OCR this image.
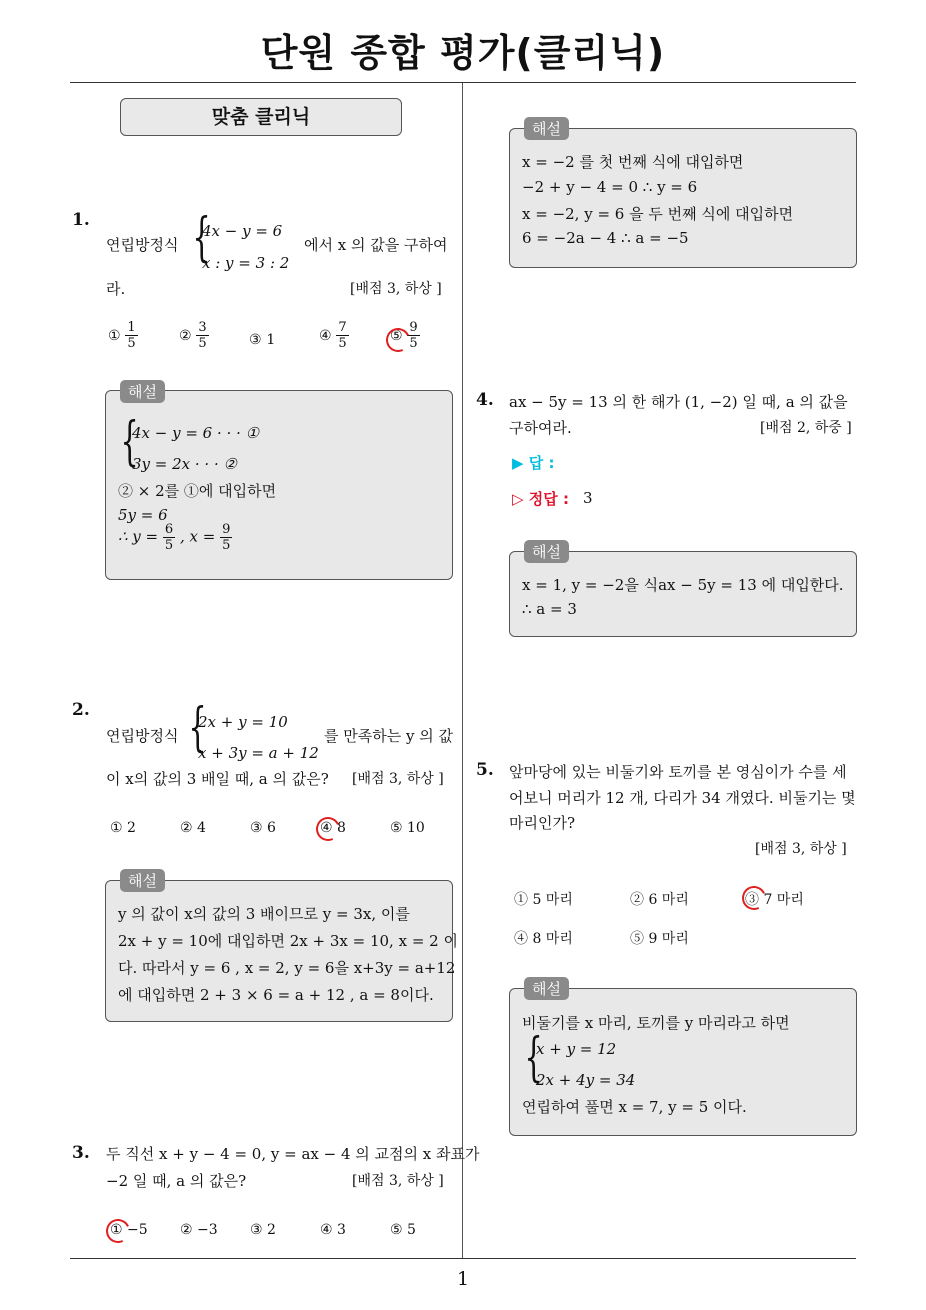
단원 종합 평가(클리닉)
맞춤 클리닉
1.
연립방정식 {
4x − y = 6
x : y = 3 : 2
에서 x 의 값을 구하여
라.	[배점 3, 하상 ]
① $\frac{1}{5}$	② $\frac{3}{5}$	③ 1	④ $\frac{7}{5}$	⑤ $\frac{9}{5}$
해설
{
4x − y = 6 · · · ①
3y = 2x · · · ②
② × 2를 ①에 대입하면
5y = 6
∴ $y = \frac{6}{5}$ , $x = \frac{9}{5}$
2.
연립방정식 {
2x + y = 10
x + 3y = a + 12
를 만족하는 y 의 값
이 x의 값의 3 배일 때, a 의 값은? [배점 3, 하상 ]
① 2	② 4	③ 6	④ 8	⑤ 10
해설
y 의 값이 x의 값의 3 배이므로 y = 3x, 이를
2x + y = 10에 대입하면 2x + 3x = 10, x = 2 이
다. 따라서 y = 6 , x = 2, y = 6을 x+3y = a+12
에 대입하면 2 + 3 × 6 = a + 12 , a = 8이다.
3. 두 직선 x + y − 4 = 0, y = ax − 4 의 교점의 x 좌표가
−2 일 때, a 의 값은?	[배점 3, 하상 ]
① −5 ② −3 ③ 2	④ 3	⑤ 5
해설
x = −2 를 첫 번째 식에 대입하면
−2 + y − 4 = 0 ∴ y = 6
x = −2, y = 6 을 두 번째 식에 대입하면
6 = −2a − 4 ∴ a = −5
4. ax − 5y = 13 의 한 해가 (1, −2) 일 때, a 의 값을
구하여라.	[배점 2, 하중 ]
▶ 답 :
▷ 정답 : 3
해설
x = 1, y = −2을 식ax − 5y = 13 에 대입한다.
∴ a = 3
5. 앞마당에 있는 비둘기와 토끼를 본 영심이가 수를 세
어보니 머리가 12 개, 다리가 34 개였다. 비둘기는 몇
마리인가?
[배점 3, 하상 ]
① 5 마리	② 6 마리	③ 7 마리
④ 8 마리	⑤ 9 마리
해설
비둘기를 x 마리, 토끼를 y 마리라고 하면
{
x + y = 12
2x + 4y = 34
연립하여 풀면 x = 7, y = 5 이다.
1
